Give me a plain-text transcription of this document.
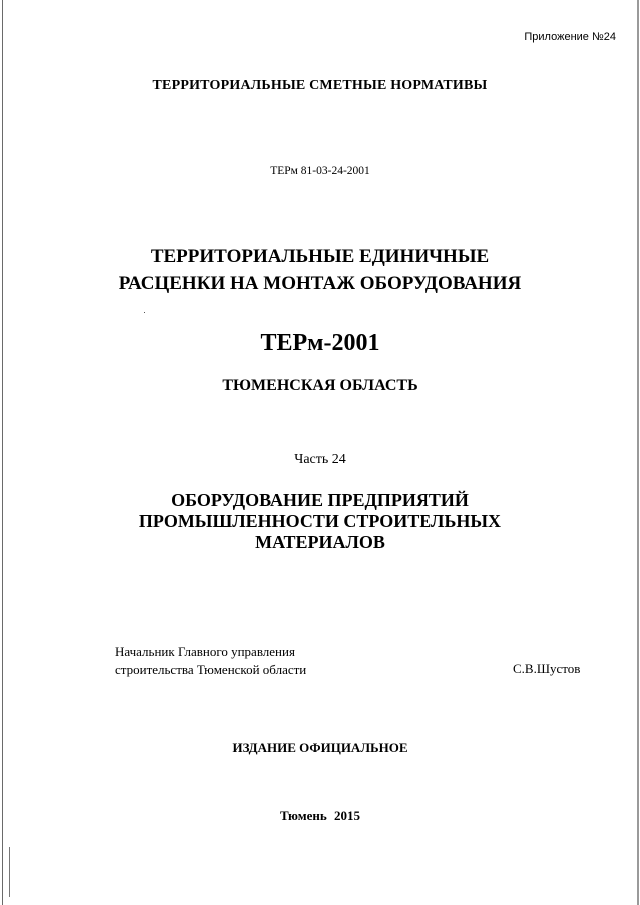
Приложение №24
ТЕРРИТОРИАЛЬНЫЕ СМЕТНЫЕ НОРМАТИВЫ
ТЕРм 81-03-24-2001
ТЕРРИТОРИАЛЬНЫЕ ЕДИНИЧНЫЕ
РАСЦЕНКИ НА МОНТАЖ ОБОРУДОВАНИЯ
ТЕРм-2001
ТЮМЕНСКАЯ ОБЛАСТЬ
Часть 24
ОБОРУДОВАНИЕ ПРЕДПРИЯТИЙ
ПРОМЫШЛЕННОСТИ СТРОИТЕЛЬНЫХ
МАТЕРИАЛОВ
Начальник Главного управления
строительства Тюменской области	С.В.Шустов
ИЗДАНИЕ ОФИЦИАЛЬНОЕ
Тюмень 2015
